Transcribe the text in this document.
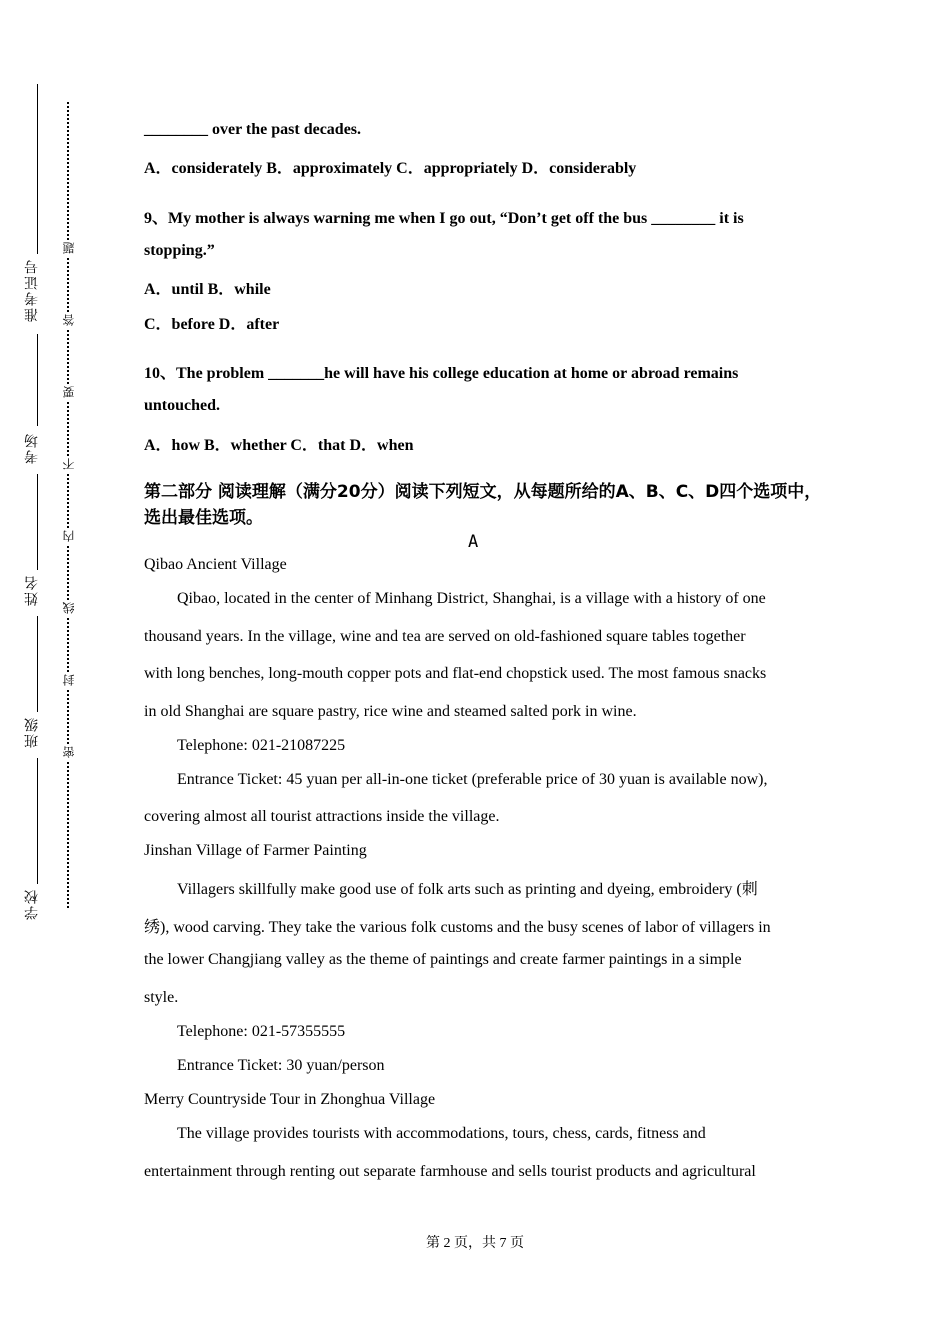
准考证号
考场
姓名
班级
学校
题
答
要
不
内
线
封
密
________ over the past decades.
A．considerately B．approximately C．appropriately D．considerably
9、My mother is always warning me when I go out, “Don’t get off the bus ________ it is
stopping.”
A．until B．while
C．before D．after
10、The problem _______he will have his college education at home or abroad remains
untouched.
A．how B．whether C．that D．when
第二部分 阅读理解（满分20分）阅读下列短文，从每题所给的A、B、C、D四个选项中，选出最佳选项。
A
Qibao Ancient Village
Qibao, located in the center of Minhang District, Shanghai, is a village with a history of one
thousand years. In the village, wine and tea are served on old-fashioned square tables together
with long benches, long-mouth copper pots and flat-end chopstick used. The most famous snacks
in old Shanghai are square pastry, rice wine and steamed salted pork in wine.
Telephone: 021-21087225
Entrance Ticket: 45 yuan per all-in-one ticket (preferable price of 30 yuan is available now),
covering almost all tourist attractions inside the village.
Jinshan Village of Farmer Painting
Villagers skillfully make good use of folk arts such as printing and dyeing, embroidery (刺
绣), wood carving. They take the various folk customs and the busy scenes of labor of villagers in
the lower Changjiang valley as the theme of paintings and create farmer paintings in a simple
style.
Telephone: 021-57355555
Entrance Ticket: 30 yuan/person
Merry Countryside Tour in Zhonghua Village
The village provides tourists with accommodations, tours, chess, cards, fitness and
entertainment through renting out separate farmhouse and sells tourist products and agricultural
第 2 页，共 7 页
